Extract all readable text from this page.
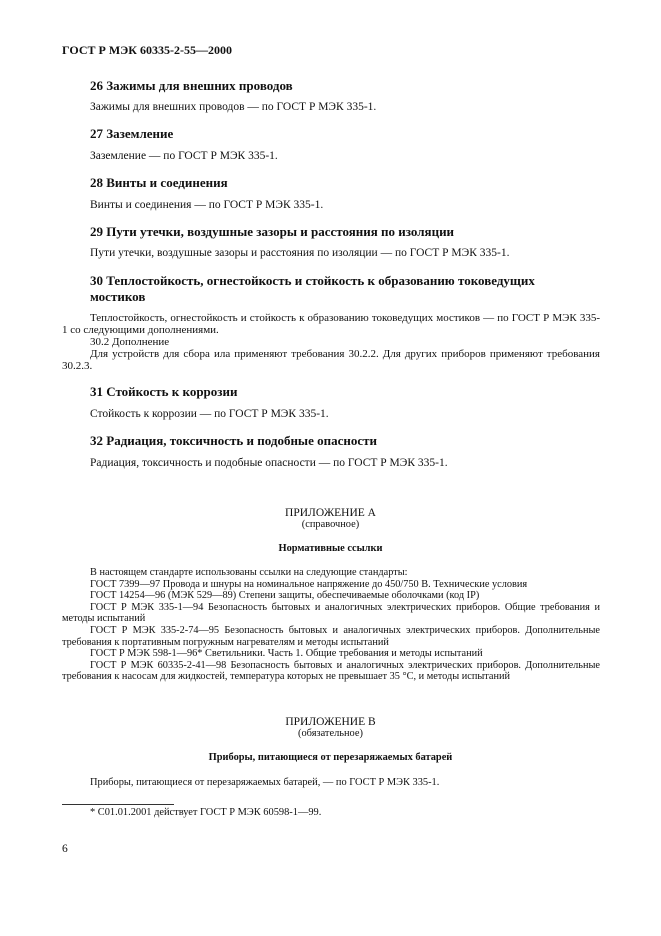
ГОСТ Р МЭК 60335-2-55—2000
26 Зажимы для внешних проводов
Зажимы для внешних проводов — по ГОСТ Р МЭК 335-1.
27 Заземление
Заземление — по ГОСТ Р МЭК 335-1.
28 Винты и соединения
Винты и соединения — по ГОСТ Р МЭК 335-1.
29 Пути утечки, воздушные зазоры и расстояния по изоляции
Пути утечки, воздушные зазоры и расстояния по изоляции — по ГОСТ Р МЭК 335-1.
30 Теплостойкость, огнестойкость и стойкость к образованию токоведущих
мостиков
Теплостойкость, огнестойкость и стойкость к образованию токоведущих мостиков — по ГОСТ Р МЭК 335-1 со следующими дополнениями.
30.2 Дополнение
Для устройств для сбора ила применяют требования 30.2.2. Для других приборов применяют требования 30.2.3.
31 Стойкость к коррозии
Стойкость к коррозии — по ГОСТ Р МЭК 335-1.
32 Радиация, токсичность и подобные опасности
Радиация, токсичность и подобные опасности — по ГОСТ Р МЭК 335-1.
ПРИЛОЖЕНИЕ А
(справочное)
Нормативные ссылки
В настоящем стандарте использованы ссылки на следующие стандарты:
ГОСТ 7399—97 Провода и шнуры на номинальное напряжение до 450/750 В. Технические условия
ГОСТ 14254—96 (МЭК 529—89) Степени защиты, обеспечиваемые оболочками (код IP)
ГОСТ Р МЭК 335-1—94 Безопасность бытовых и аналогичных электрических приборов. Общие требования и методы испытаний
ГОСТ Р МЭК 335-2-74—95 Безопасность бытовых и аналогичных электрических приборов. Дополнительные требования к портативным погружным нагревателям и методы испытаний
ГОСТ Р МЭК 598-1—96* Светильники. Часть 1. Общие требования и методы испытаний
ГОСТ Р МЭК 60335-2-41—98 Безопасность бытовых и аналогичных электрических приборов. Дополнительные требования к насосам для жидкостей, температура которых не превышает 35 °С, и методы испытаний
ПРИЛОЖЕНИЕ В
(обязательное)
Приборы, питающиеся от перезаряжаемых батарей
Приборы, питающиеся от перезаряжаемых батарей, — по ГОСТ Р МЭК 335-1.
* С01.01.2001 действует ГОСТ Р МЭК 60598-1—99.
6
